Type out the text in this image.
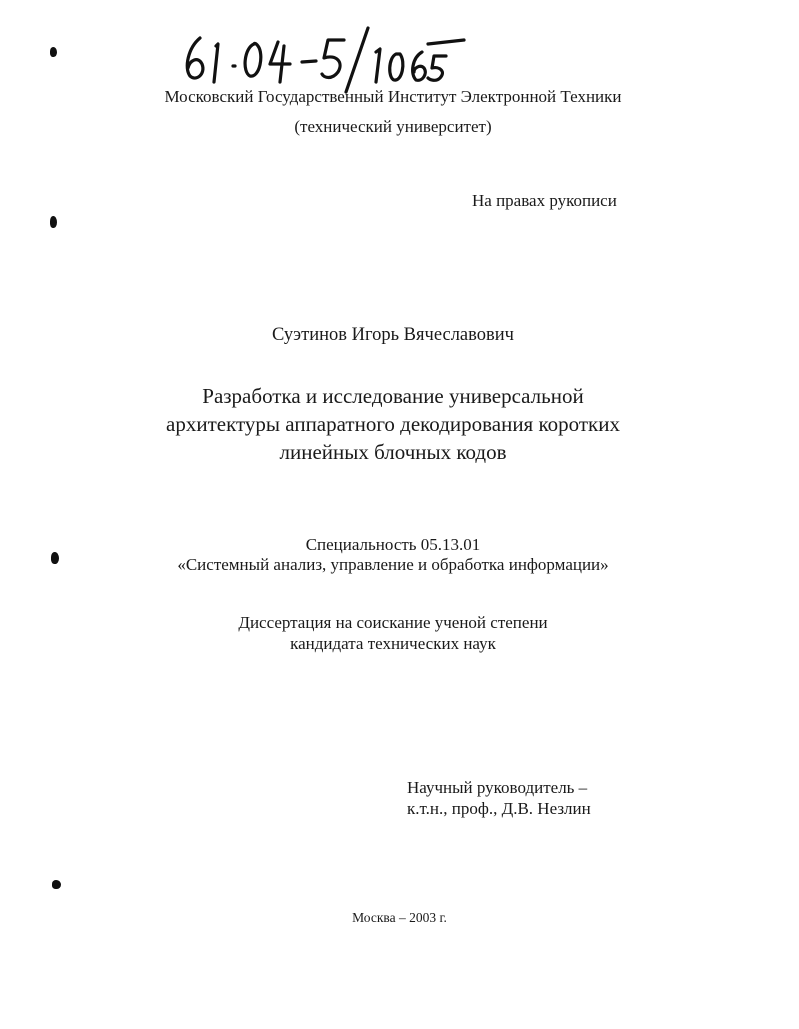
Московский Государственный Институт Электронной Техники
(технический университет)
На правах рукописи
Суэтинов Игорь Вячеславович
Разработка и исследование универсальной
архитектуры аппаратного декодирования коротких
линейных блочных кодов
Специальность 05.13.01
«Системный анализ, управление и обработка информации»
Диссертация на соискание ученой степени
кандидата технических наук
Научный руководитель –
к.т.н., проф., Д.В. Незлин
Москва – 2003 г.
